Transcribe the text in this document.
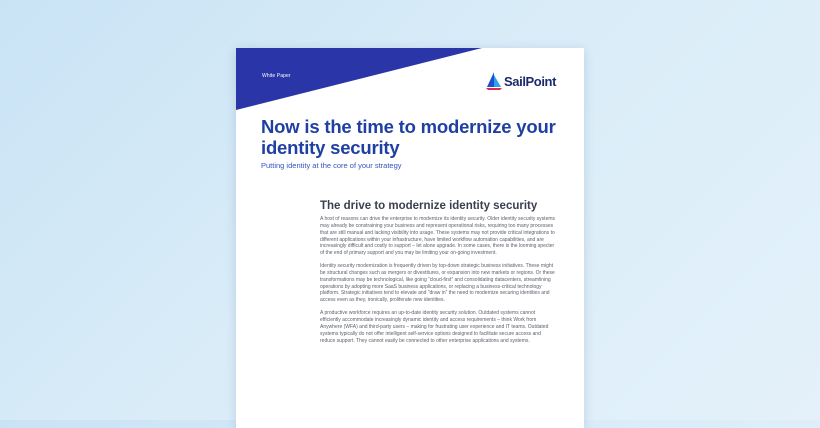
White Paper	SailPoint
Now is the time to modernize your identity security

Putting identity at the core of your strategy

The drive to modernize identity security

A host of reasons can drive the enterprise to modernize its identity security. Older identity security systems may already be constraining your business and represent operational risks, requiring too many processes that are still manual and lacking visibility into usage. These systems may not provide critical integrations to different applications within your infrastructure, have limited workflow automation capabilities, and are increasingly difficult and costly to support – let alone upgrade. In some cases, there is the looming specter of the end of primary support and you may be limiting your on-going investment.

Identity security modernization is frequently driven by top-down strategic business initiatives. These might be structural changes such as mergers or divestitures, or expansion into new markets or regions. Or these transformations may be technological, like going “cloud-first” and consolidating datacenters, streamlining operations by adopting more SaaS business applications, or replacing a business-critical technology platform. Strategic initiatives tend to elevate and “draw in” the need to modernize securing identities and access even as they, ironically, proliferate new identities.

A productive workforce requires an up-to-date identity security solution. Outdated systems cannot efficiently accommodate increasingly dynamic identity and access requirements – think Work from Anywhere (WFA) and third-party users – making for frustrating user experience and IT teams. Outdated systems typically do not offer intelligent self-service options designed to facilitate secure access and reduce support. They cannot easily be connected to other enterprise applications and systems.
